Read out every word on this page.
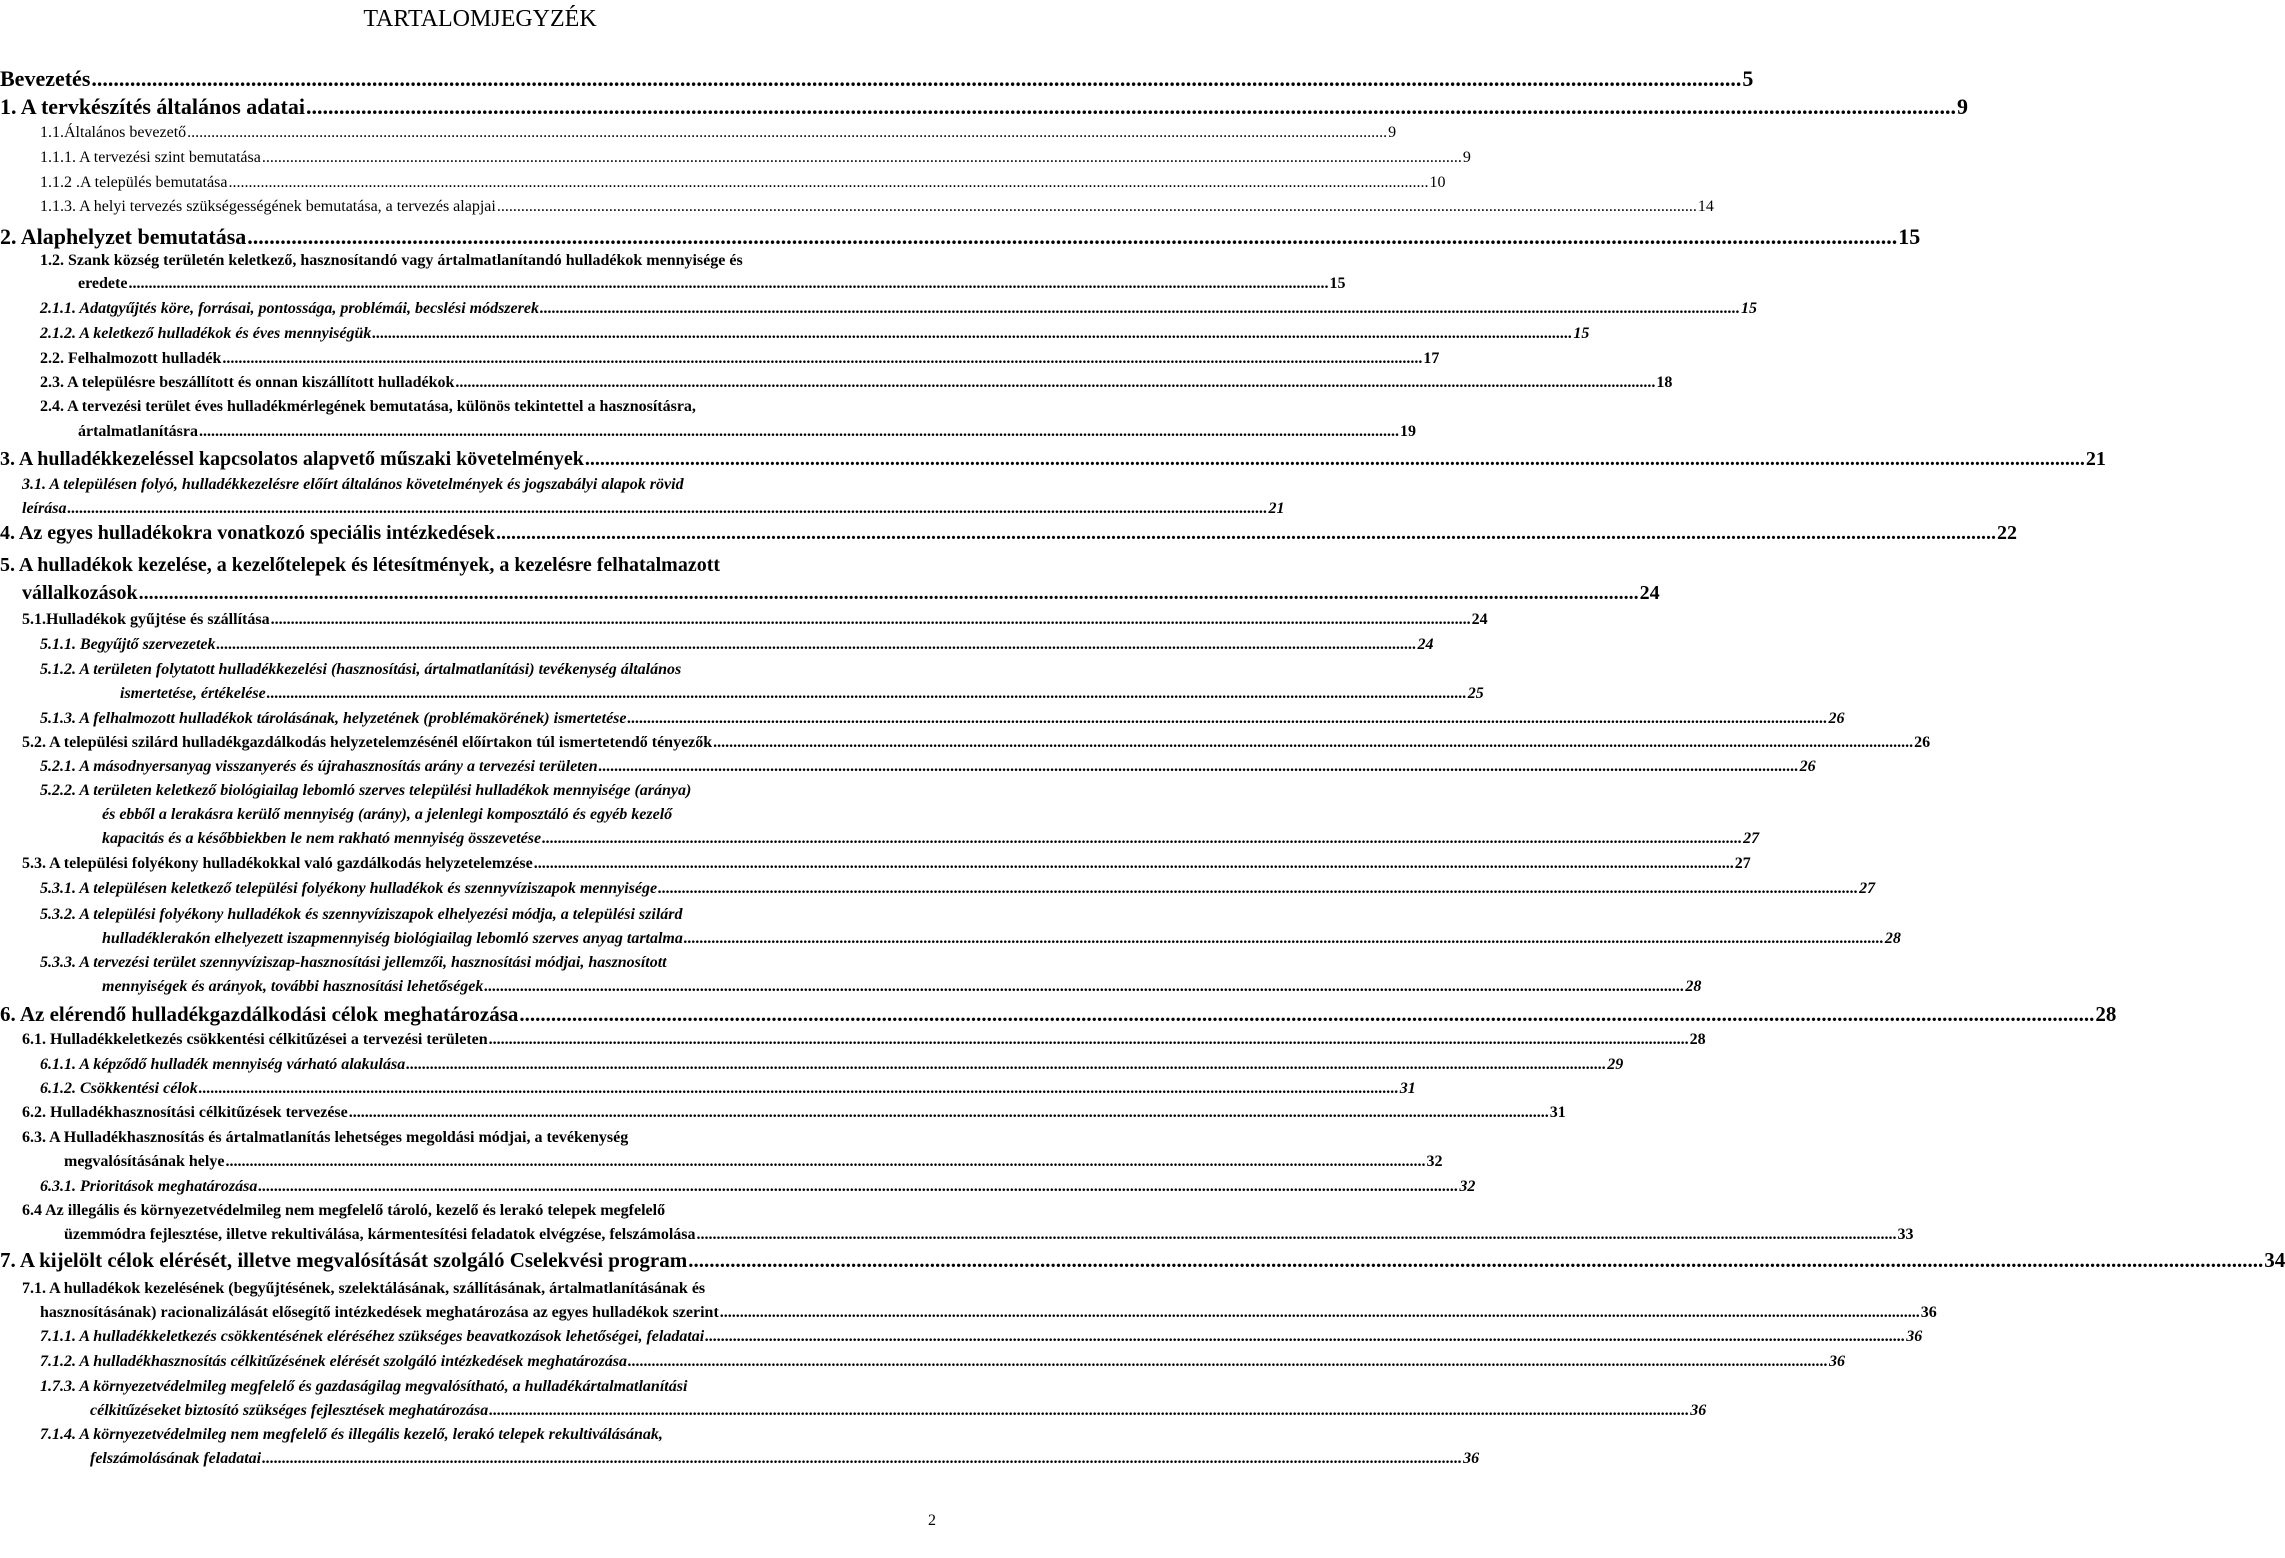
TARTALOMJEGYZÉK
Bevezetés ............................................................................................................................................................................................................................................................................................................ 5
1. A tervkészítés általános adatai ............................................................................................................................................................................................................................................................................................................ 9
1.1.Általános bevezető ............................................................................................................................................................................................................................................................................................................ 9
1.1.1. A tervezési szint bemutatása ............................................................................................................................................................................................................................................................................................................ 9
1.1.2 .A település bemutatása ............................................................................................................................................................................................................................................................................................................ 10
1.1.3. A helyi tervezés szükségességének bemutatása, a tervezés alapjai ............................................................................................................................................................................................................................................................................................................ 14
2. Alaphelyzet bemutatása ............................................................................................................................................................................................................................................................................................................ 15
1.2. Szank község területén keletkező, hasznosítandó vagy ártalmatlanítandó hulladékok mennyisége és
eredete ............................................................................................................................................................................................................................................................................................................ 15
2.1.1. Adatgyűjtés köre, forrásai, pontossága, problémái, becslési módszerek ............................................................................................................................................................................................................................................................................................................ 15
2.1.2. A keletkező hulladékok és éves mennyiségük ............................................................................................................................................................................................................................................................................................................ 15
2.2. Felhalmozott hulladék ............................................................................................................................................................................................................................................................................................................ 17
2.3. A településre beszállított és onnan kiszállított hulladékok ............................................................................................................................................................................................................................................................................................................ 18
2.4. A tervezési terület éves hulladékmérlegének bemutatása, különös tekintettel a hasznosításra,
ártalmatlanításra ............................................................................................................................................................................................................................................................................................................ 19
3. A hulladékkezeléssel kapcsolatos alapvető műszaki követelmények ............................................................................................................................................................................................................................................................................................................ 21
3.1. A településen folyó, hulladékkezelésre előírt általános követelmények és jogszabályi alapok rövid
leírása ............................................................................................................................................................................................................................................................................................................ 21
4. Az egyes hulladékokra vonatkozó speciális intézkedések ............................................................................................................................................................................................................................................................................................................ 22
5. A hulladékok kezelése, a kezelőtelepek és létesítmények, a kezelésre felhatalmazott
vállalkozások ............................................................................................................................................................................................................................................................................................................ 24
5.1.Hulladékok gyűjtése és szállítása ............................................................................................................................................................................................................................................................................................................ 24
5.1.1. Begyűjtő szervezetek ............................................................................................................................................................................................................................................................................................................ 24
5.1.2. A területen folytatott hulladékkezelési (hasznosítási, ártalmatlanítási) tevékenység általános
ismertetése, értékelése ............................................................................................................................................................................................................................................................................................................ 25
5.1.3. A felhalmozott hulladékok tárolásának, helyzetének (problémakörének) ismertetése ............................................................................................................................................................................................................................................................................................................ 26
5.2. A települési szilárd hulladékgazdálkodás helyzetelemzésénél előírtakon túl ismertetendő tényezők ............................................................................................................................................................................................................................................................................................................ 26
5.2.1. A másodnyersanyag visszanyerés és újrahasznosítás arány a tervezési területen ............................................................................................................................................................................................................................................................................................................ 26
5.2.2. A területen keletkező biológiailag lebomló szerves települési hulladékok mennyisége (aránya)
és ebből a lerakásra kerülő mennyiség (arány), a jelenlegi komposztáló és egyéb kezelő
kapacitás és a későbbiekben le nem rakható mennyiség összevetése ............................................................................................................................................................................................................................................................................................................ 27
5.3. A települési folyékony hulladékokkal való gazdálkodás helyzetelemzése ............................................................................................................................................................................................................................................................................................................ 27
5.3.1. A településen keletkező települési folyékony hulladékok és szennyvíziszapok mennyisége ............................................................................................................................................................................................................................................................................................................ 27
5.3.2. A települési folyékony hulladékok és szennyvíziszapok elhelyezési módja, a települési szilárd
hulladéklerakón elhelyezett iszapmennyiség biológiailag lebomló szerves anyag tartalma ............................................................................................................................................................................................................................................................................................................ 28
5.3.3. A tervezési terület szennyvíziszap-hasznosítási jellemzői, hasznosítási módjai, hasznosított
mennyiségek és arányok, további hasznosítási lehetőségek ............................................................................................................................................................................................................................................................................................................ 28
6. Az elérendő hulladékgazdálkodási célok meghatározása ............................................................................................................................................................................................................................................................................................................ 28
6.1. Hulladékkeletkezés csökkentési célkitűzései a tervezési területen ............................................................................................................................................................................................................................................................................................................ 28
6.1.1. A képződő hulladék mennyiség várható alakulása ............................................................................................................................................................................................................................................................................................................ 29
6.1.2. Csökkentési célok ............................................................................................................................................................................................................................................................................................................ 31
6.2. Hulladékhasznosítási célkitűzések tervezése ............................................................................................................................................................................................................................................................................................................ 31
6.3. A Hulladékhasznosítás és ártalmatlanítás lehetséges megoldási módjai, a tevékenység
megvalósításának helye ............................................................................................................................................................................................................................................................................................................ 32
6.3.1. Prioritások meghatározása ............................................................................................................................................................................................................................................................................................................ 32
6.4 Az illegális és környezetvédelmileg nem megfelelő tároló, kezelő és lerakó telepek megfelelő
üzemmódra fejlesztése, illetve rekultiválása, kármentesítési feladatok elvégzése, felszámolása ............................................................................................................................................................................................................................................................................................................ 33
7. A kijelölt célok elérését, illetve megvalósítását szolgáló Cselekvési program ............................................................................................................................................................................................................................................................................................................ 34
7.1. A hulladékok kezelésének (begyűjtésének, szelektálásának, szállításának, ártalmatlanításának és
hasznosításának) racionalizálását elősegítő intézkedések meghatározása az egyes hulladékok szerint ............................................................................................................................................................................................................................................................................................................ 36
7.1.1. A hulladékkeletkezés csökkentésének eléréséhez szükséges beavatkozások lehetőségei, feladatai ............................................................................................................................................................................................................................................................................................................ 36
7.1.2. A hulladékhasznosítás célkitűzésének elérését szolgáló intézkedések meghatározása ............................................................................................................................................................................................................................................................................................................ 36
1.7.3. A környezetvédelmileg megfelelő és gazdaságilag megvalósítható, a hulladékártalmatlanítási
célkitűzéseket biztosító szükséges fejlesztések meghatározása ............................................................................................................................................................................................................................................................................................................ 36
7.1.4. A környezetvédelmileg nem megfelelő és illegális kezelő, lerakó telepek rekultiválásának,
felszámolásának feladatai ............................................................................................................................................................................................................................................................................................................ 36
2
